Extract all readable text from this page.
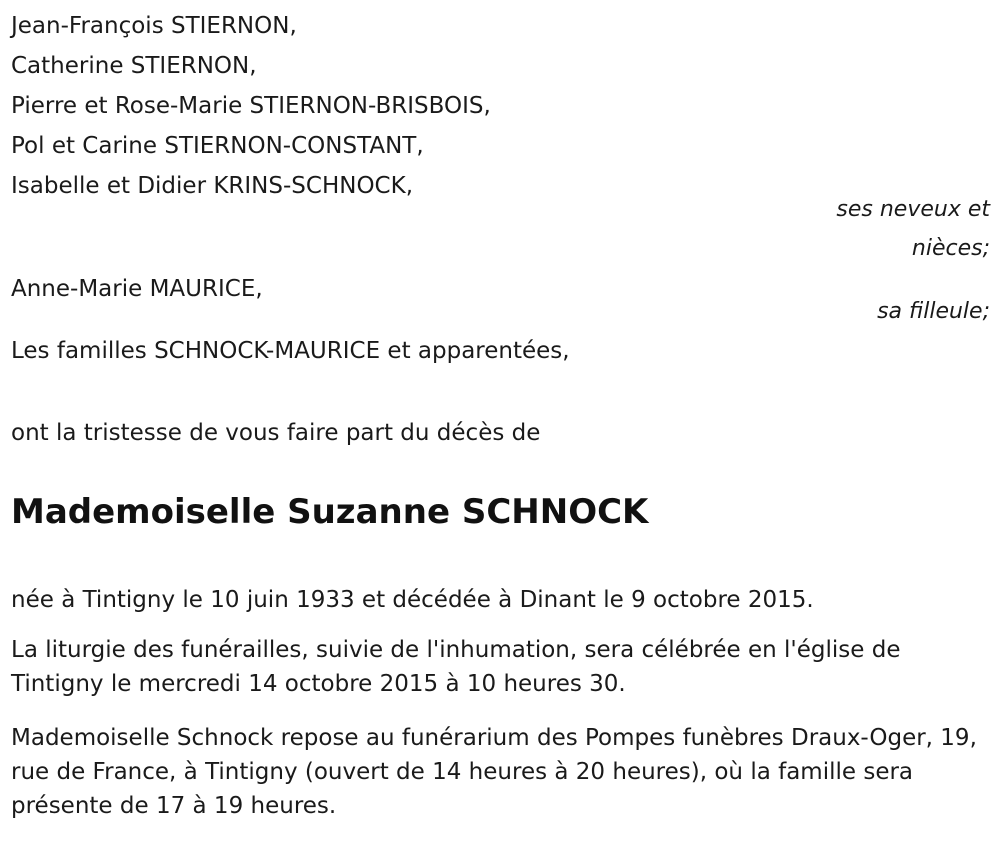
Jean-François STIERNON,
Catherine STIERNON,
Pierre et Rose-Marie STIERNON-BRISBOIS,
Pol et Carine STIERNON-CONSTANT,
Isabelle et Didier KRINS-SCHNOCK,
ses neveux et
nièces;
Anne-Marie MAURICE,
sa filleule;
Les familles SCHNOCK-MAURICE et apparentées,
ont la tristesse de vous faire part du décès de
Mademoiselle Suzanne SCHNOCK
née à Tintigny le 10 juin 1933 et décédée à Dinant le 9 octobre 2015.
La liturgie des funérailles, suivie de l'inhumation, sera célébrée en l'église de Tintigny le mercredi 14 octobre 2015 à 10 heures 30.
Mademoiselle Schnock repose au funérarium des Pompes funèbres Draux-Oger, 19, rue de France, à Tintigny (ouvert de 14 heures à 20 heures), où la famille sera présente de 17 à 19 heures.
